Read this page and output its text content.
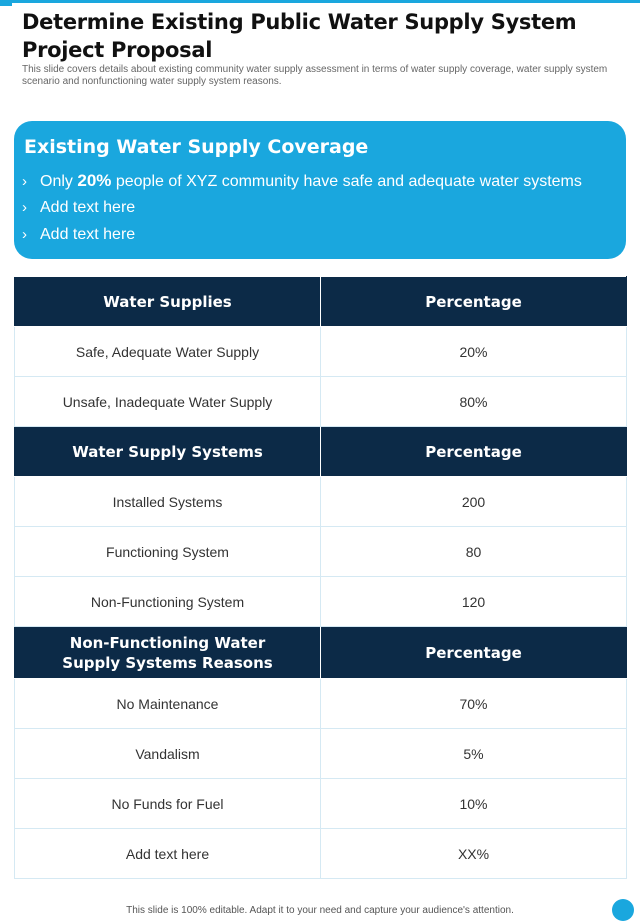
Determine Existing Public Water Supply System Project Proposal
This slide covers details about existing community water supply assessment in terms of water supply coverage, water supply system scenario and nonfunctioning water supply system reasons.
Existing Water Supply Coverage
› Only 20% people of XYZ community have safe and adequate water systems
› Add text here
› Add text here
Water Supplies	Percentage
Safe, Adequate Water Supply	20%
Unsafe, Inadequate Water Supply	80%
Water Supply Systems	Percentage
Installed Systems	200
Functioning System	80
Non-Functioning System	120
Non-Functioning Water Supply Systems Reasons	Percentage
No Maintenance	70%
Vandalism	5%
No Funds for Fuel	10%
Add text here	XX%
This slide is 100% editable. Adapt it to your need and capture your audience's attention.
